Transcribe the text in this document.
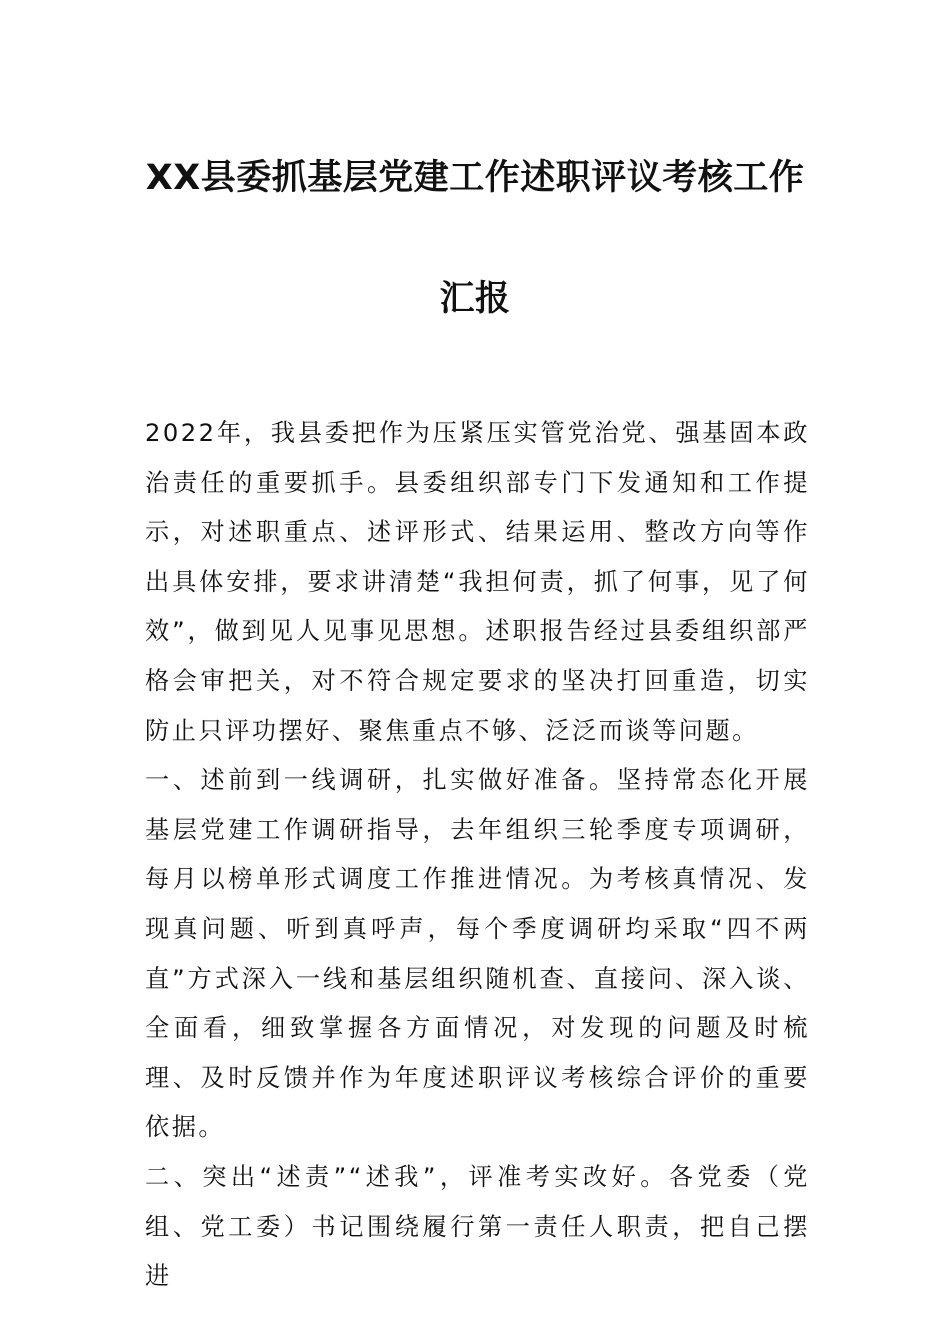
XX县委抓基层党建工作述职评议考核工作
汇报

2022年，我县委把作为压紧压实管党治党、强基固本政治责任的重要抓手。县委组织部专门下发通知和工作提示，对述职重点、述评形式、结果运用、整改方向等作出具体安排，要求讲清楚“我担何责，抓了何事，见了何效”，做到见人见事见思想。述职报告经过县委组织部严格会审把关，对不符合规定要求的坚决打回重造，切实防止只评功摆好、聚焦重点不够、泛泛而谈等问题。

一、述前到一线调研，扎实做好准备。坚持常态化开展基层党建工作调研指导，去年组织三轮季度专项调研，每月以榜单形式调度工作推进情况。为考核真情况、发现真问题、听到真呼声，每个季度调研均采取“四不两直”方式深入一线和基层组织随机查、直接问、深入谈、全面看，细致掌握各方面情况，对发现的问题及时梳理、及时反馈并作为年度述职评议考核综合评价的重要依据。

二、突出“述责”“述我”，评准考实改好。各党委（党组、党工委）书记围绕履行第一责任人职责，把自己摆进
